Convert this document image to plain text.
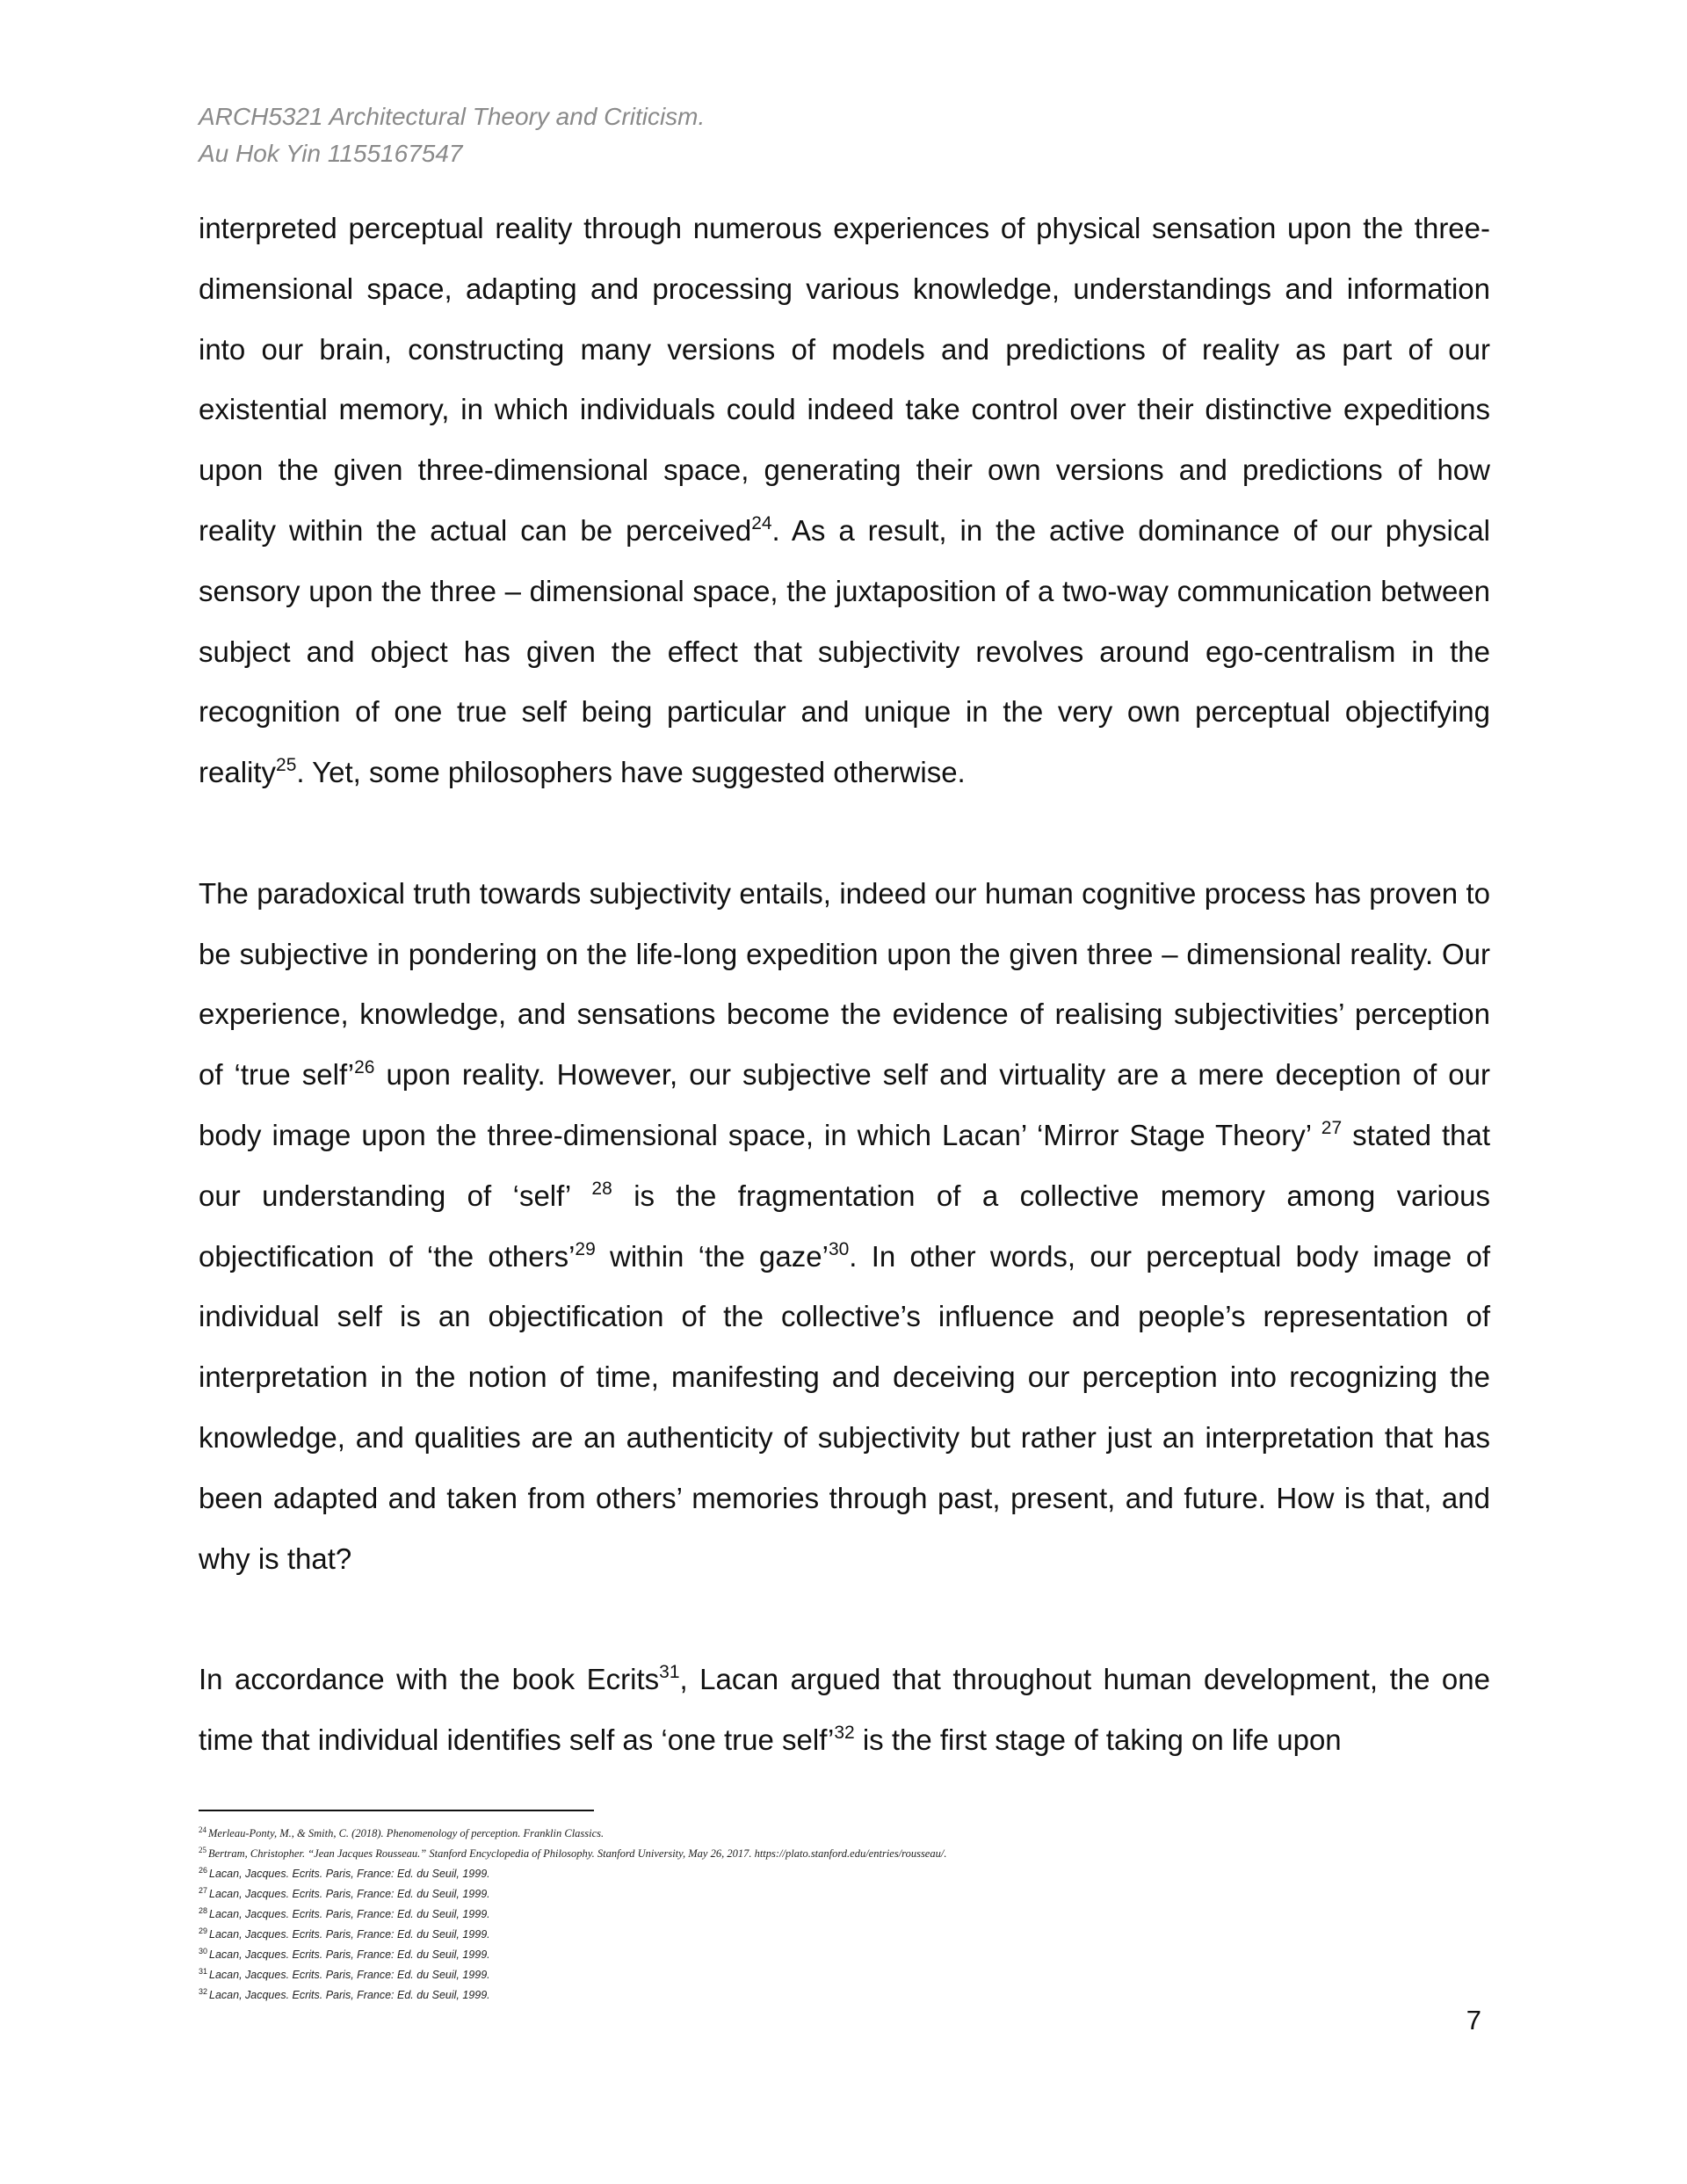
ARCH5321 Architectural Theory and Criticism.
Au Hok Yin 1155167547

interpreted perceptual reality through numerous experiences of physical sensation upon the three-dimensional space, adapting and processing various knowledge, understandings and information into our brain, constructing many versions of models and predictions of reality as part of our existential memory, in which individuals could indeed take control over their distinctive expeditions upon the given three-dimensional space, generating their own versions and predictions of how reality within the actual can be perceived$^{24}$. As a result, in the active dominance of our physical sensory upon the three – dimensional space, the juxtaposition of a two-way communication between subject and object has given the effect that subjectivity revolves around ego-centralism in the recognition of one true self being particular and unique in the very own perceptual objectifying reality$^{25}$. Yet, some philosophers have suggested otherwise.

The paradoxical truth towards subjectivity entails, indeed our human cognitive process has proven to be subjective in pondering on the life-long expedition upon the given three – dimensional reality. Our experience, knowledge, and sensations become the evidence of realising subjectivities’ perception of ‘true self’$^{26}$ upon reality. However, our subjective self and virtuality are a mere deception of our body image upon the three-dimensional space, in which Lacan’ ‘Mirror Stage Theory’ $^{27}$ stated that our understanding of ‘self’ $^{28}$ is the fragmentation of a collective memory among various objectification of ‘the others’$^{29}$ within ‘the gaze’$^{30}$. In other words, our perceptual body image of individual self is an objectification of the collective’s influence and people’s representation of interpretation in the notion of time, manifesting and deceiving our perception into recognizing the knowledge, and qualities are an authenticity of subjectivity but rather just an interpretation that has been adapted and taken from others’ memories through past, present, and future. How is that, and why is that?

In accordance with the book Ecrits$^{31}$, Lacan argued that throughout human development, the one time that individual identifies self as ‘one true self’$^{32}$ is the first stage of taking on life upon

$^{24}$ Merleau-Ponty, M., & Smith, C. (2018). Phenomenology of perception. Franklin Classics.
$^{25}$ Bertram, Christopher. “Jean Jacques Rousseau.” Stanford Encyclopedia of Philosophy. Stanford University, May 26, 2017. https://plato.stanford.edu/entries/rousseau/.
$^{26}$ Lacan, Jacques. Ecrits. Paris, France: Ed. du Seuil, 1999.
$^{27}$ Lacan, Jacques. Ecrits. Paris, France: Ed. du Seuil, 1999.
$^{28}$ Lacan, Jacques. Ecrits. Paris, France: Ed. du Seuil, 1999.
$^{29}$ Lacan, Jacques. Ecrits. Paris, France: Ed. du Seuil, 1999.
$^{30}$ Lacan, Jacques. Ecrits. Paris, France: Ed. du Seuil, 1999.
$^{31}$ Lacan, Jacques. Ecrits. Paris, France: Ed. du Seuil, 1999.
$^{32}$ Lacan, Jacques. Ecrits. Paris, France: Ed. du Seuil, 1999.
7
